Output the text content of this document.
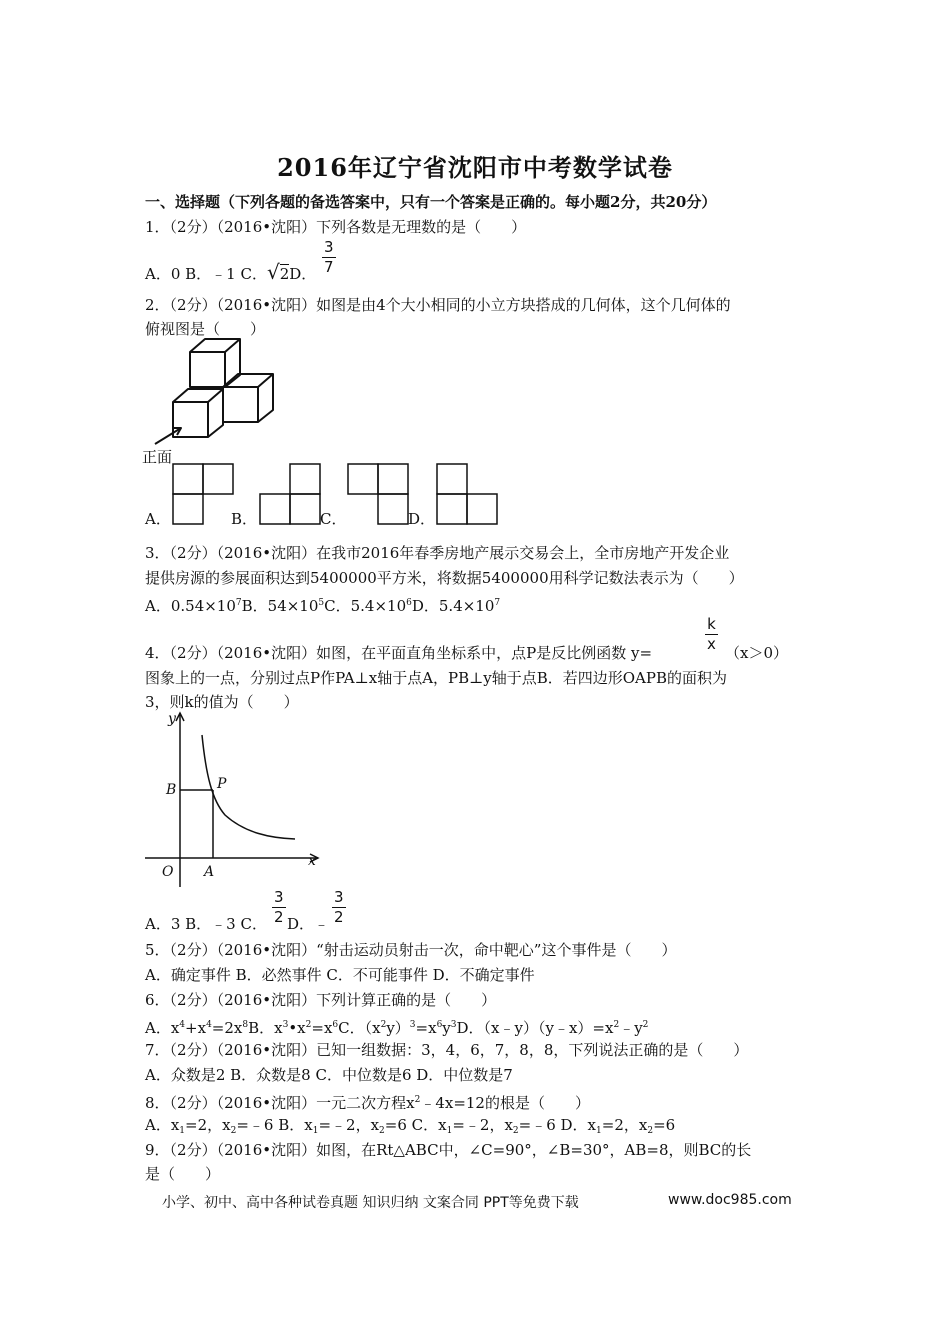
2016年辽宁省沈阳市中考数学试卷
一、选择题（下列各题的备选答案中，只有一个答案是正确的。每小题2分，共20分）
1．（2分）（2016•沈阳）下列各数是无理数的是（　　）
A．0 B．﹣1 C．√2D． $\frac{3}{7}$
2．（2分）（2016•沈阳）如图是由4个大小相同的小立方块搭成的几何体，这个几何体的
俯视图是（　　）
正面
A．	B．	C．	D．
3．（2分）（2016•沈阳）在我市2016年春季房地产展示交易会上，全市房地产开发企业
提供房源的参展面积达到5400000平方米，将数据5400000用科学记数法表示为（　　）
A．$0.54\times 10^7B$．$54\times 10^5C$．$5.4\times 10^6D$．$5.4\times 10^7$
4．（2分）（2016•沈阳）如图，在平面直角坐标系中，点P是反比例函数 y=	$\frac{k}{x} (x>0)$
图象上的一点，分别过点P作PA⊥x轴于点A，PB⊥y轴于点B．若四边形OAPB的面积为
3，则k的值为（　　）
y
x
O A
B	P
A．3 B．﹣3 C． $\frac{3}{2}$ D．﹣ $\frac{3}{2}$
5．（2分）（2016•沈阳）“射击运动员射击一次，命中靶心”这个事件是（　　）
A．确定事件 B．必然事件 C．不可能事件 D．不确定事件
6．（2分）（2016•沈阳）下列计算正确的是（　　）
A．$x^4+x^4=2x^8B$．$x^3•x^2=x^6C$．$(x^2y)^3=x^6y^3D$．$(x﹣y)(y﹣x)=x^2﹣y^2$
7．（2分）（2016•沈阳）已知一组数据：3，4，6，7，8，8，下列说法正确的是（　　）
A．众数是2 B．众数是8 C．中位数是6 D．中位数是7
8．（2分）（2016•沈阳）一元二次方程$x^2﹣4x=12$的根是（　　）
A．$x_1=2$，$x_2=﹣6$ B．$x_1=﹣2$，$x_2=6$ C．$x_1=﹣2$，$x_2=﹣6$ D．$x_1=2$，$x_2=6$
9．（2分）（2016•沈阳）如图，在Rt△ABC中，∠C=90°，∠B=30°，AB=8，则BC的长
是（　　）
小学、初中、高中各种试卷真题 知识归纳 文案合同 PPT等免费下载	www.doc985.com
